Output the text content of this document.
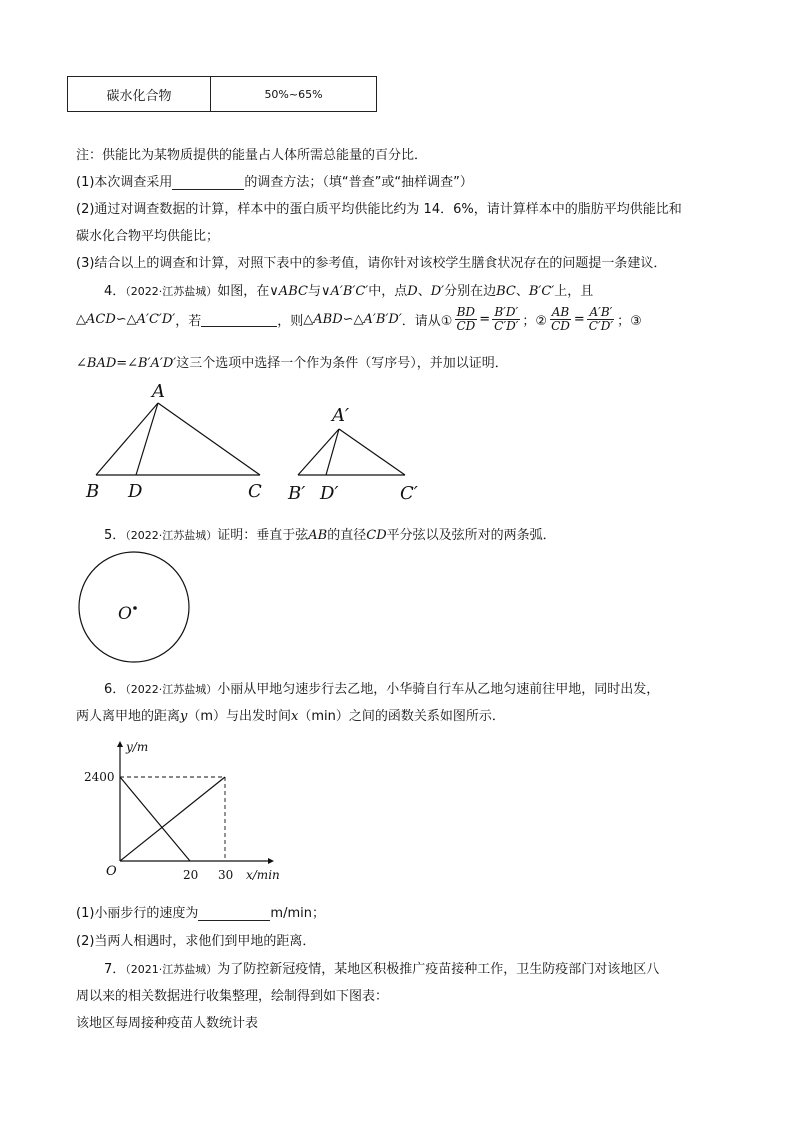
碳水化合物	50%~65%
注：供能比为某物质提供的能量占人体所需总能量的百分比．
(1)本次调查采用	的调查方法；（填“普查”或“抽样调查”）
(2)通过对调查数据的计算，样本中的蛋白质平均供能比约为 14．6%，请计算样本中的脂肪平均供能比和
碳水化合物平均供能比；
(3)结合以上的调查和计算，对照下表中的参考值，请你针对该校学生膳食状况存在的问题提一条建议．
4．（2022·江苏盐城）如图，在∨ABC与∨A′B′C′中，点D、D′分别在边BC、B′C′上，且
△ACD∽△A′C′D′ ，若	，则 △ABD∽△A′B′D′ ．请从① $\frac{BD}{CD} = \frac{B'D'}{C'D'}$ ；② $\frac{AB}{CD} = \frac{A'B'}{C'D'}$ ；③
∠BAD=∠B′A′D′这三个选项中选择一个作为条件（写序号），并加以证明．
A
B D	C
A′
B′ D′	C′
5．（2022·江苏盐城）证明：垂直于弦AB的直径CD平分弦以及弦所对的两条弧．
O
6．（2022·江苏盐城）小丽从甲地匀速步行去乙地，小华骑自行车从乙地匀速前往甲地，同时出发，
两人离甲地的距离y（m）与出发时间x（min）之间的函数关系如图所示．
20 30
2400
O	x/min
y/m
(1)小丽步行的速度为	m/min；
(2)当两人相遇时，求他们到甲地的距离．
7．（2021·江苏盐城）为了防控新冠疫情，某地区积极推广疫苗接种工作，卫生防疫部门对该地区八
周以来的相关数据进行收集整理，绘制得到如下图表：
该地区每周接种疫苗人数统计表
